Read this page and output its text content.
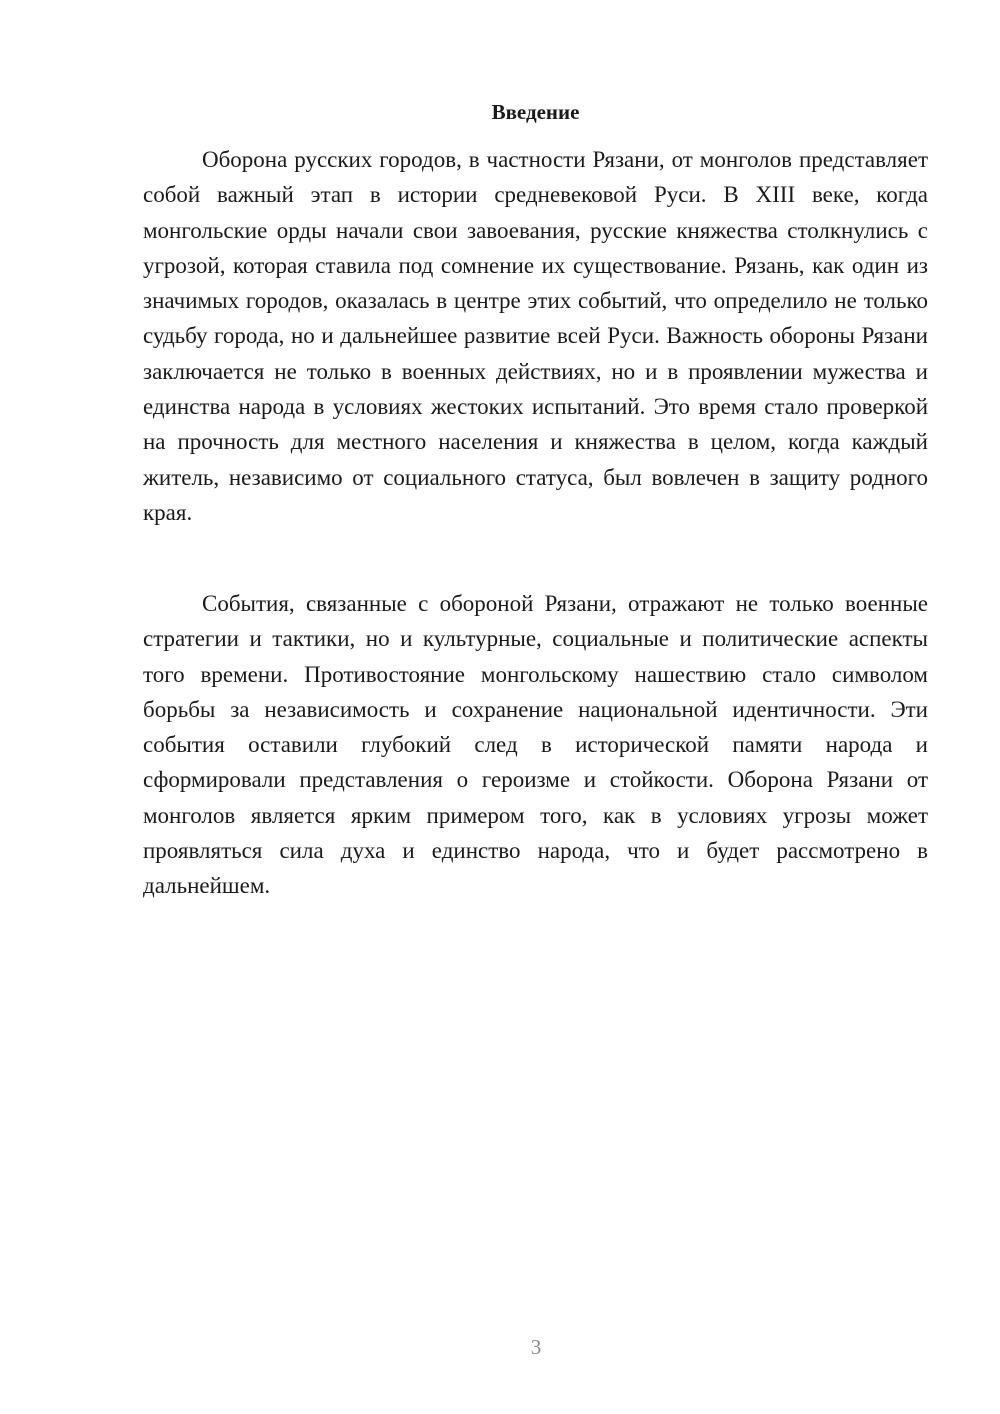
Введение

Оборона русских городов, в частности Рязани, от монголов представляет собой важный этап в истории средневековой Руси. В XIII веке, когда монгольские орды начали свои завоевания, русские княжества столкнулись с угрозой, которая ставила под сомнение их существование. Рязань, как один из значимых городов, оказалась в центре этих событий, что определило не только судьбу города, но и дальнейшее развитие всей Руси. Важность обороны Рязани заключается не только в военных действиях, но и в проявлении мужества и единства народа в условиях жестоких испытаний. Это время стало проверкой на прочность для местного населения и княжества в целом, когда каждый житель, независимо от социального статуса, был вовлечен в защиту родного края.

События, связанные с обороной Рязани, отражают не только военные стратегии и тактики, но и культурные, социальные и политические аспекты того времени. Противостояние монгольскому нашествию стало символом борьбы за независимость и сохранение национальной идентичности. Эти события оставили глубокий след в исторической памяти народа и сформировали представления о героизме и стойкости. Оборона Рязани от монголов является ярким примером того, как в условиях угрозы может проявляться сила духа и единство народа, что и будет рассмотрено в дальнейшем.

3
